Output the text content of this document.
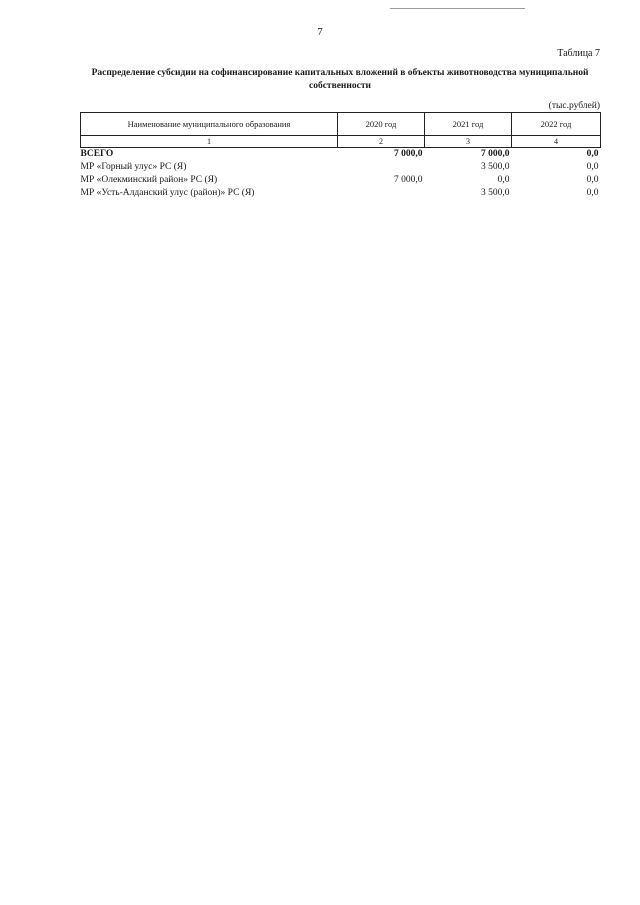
7
Таблица 7
Распределение субсидии на софинансирование капитальных вложений в объекты животноводства муниципальной собственности
(тыс.рублей)
Наименование муниципального образования	2020 год	2021 год	2022 год
1	2	3	4
ВСЕГО	7 000,0	7 000,0	0,0
МР «Горный улус» РС (Я)		3 500,0	0,0
МР «Олекминский район» РС (Я)	7 000,0	0,0	0,0
МР «Усть-Алданский улус (район)» РС (Я)		3 500,0	0,0
